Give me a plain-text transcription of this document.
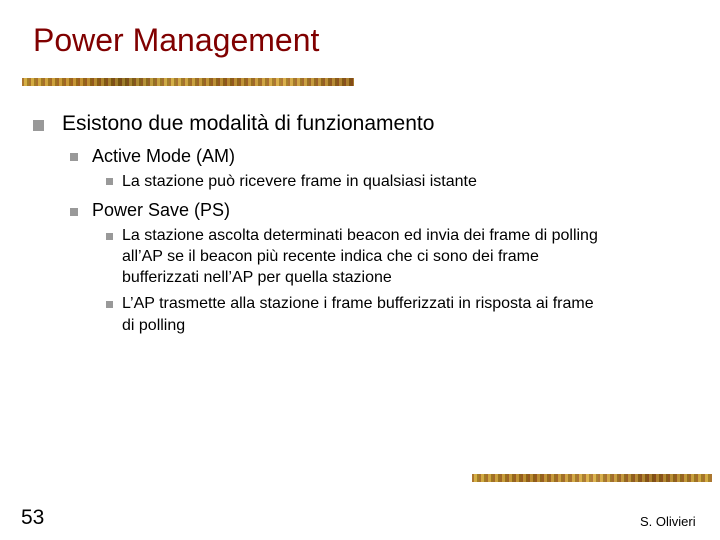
Power Management
Esistono due modalità di funzionamento
Active Mode (AM)
La stazione può ricevere frame in qualsiasi istante
Power Save (PS)
La stazione ascolta determinati beacon ed invia dei frame di polling
all’AP se il beacon più recente indica che ci sono dei frame
bufferizzati nell’AP per quella stazione
L’AP trasmette alla stazione i frame bufferizzati in risposta ai frame
di polling
53	S. Olivieri
